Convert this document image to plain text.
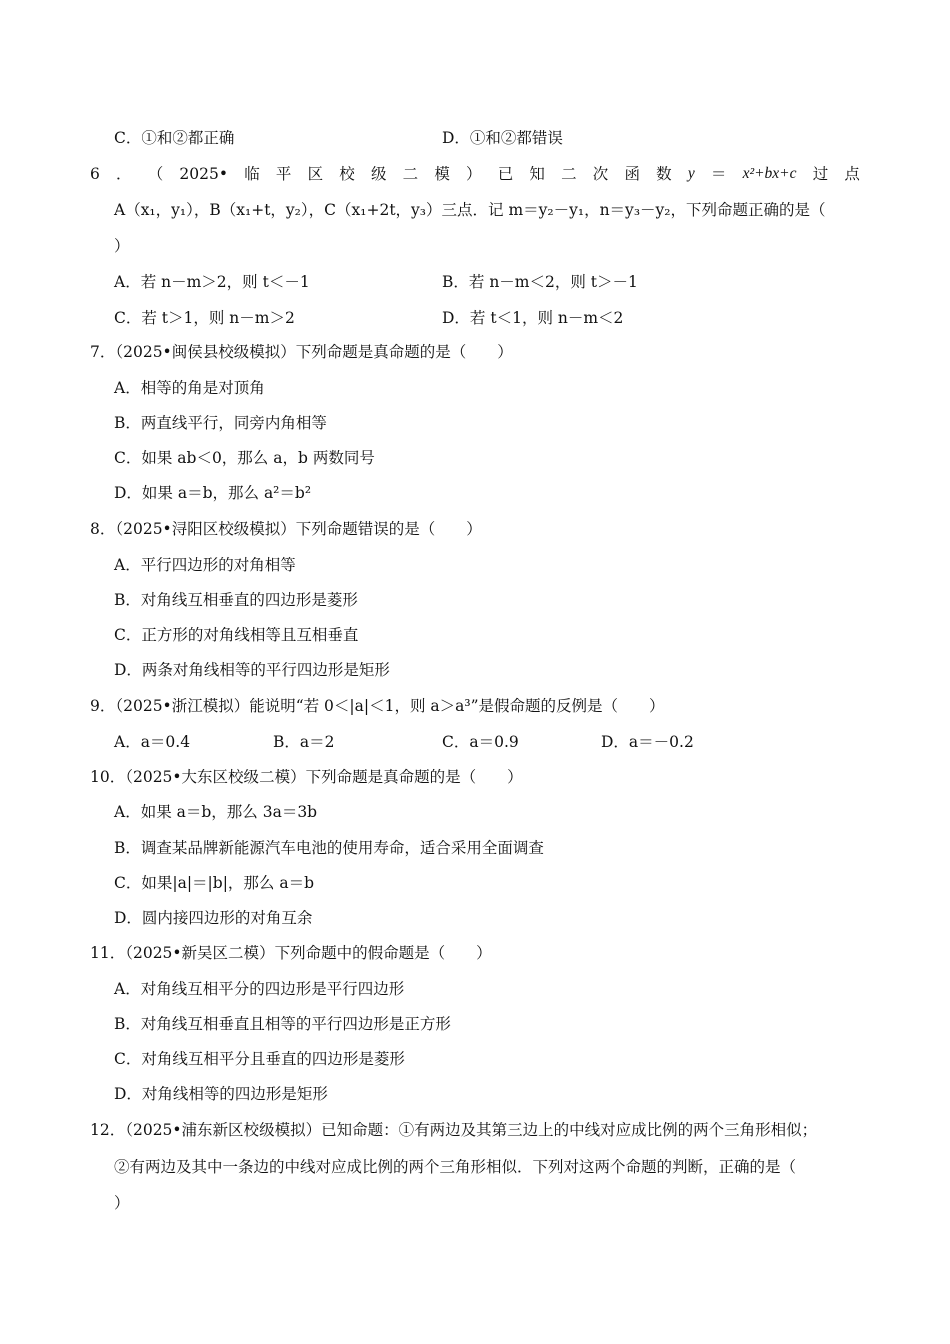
C．①和②都正确	D．①和②都错误
6 ． （ 2025• 临 平 区 校 级 二 模 ） 已 知 二 次 函 数 y ＝ x²+bx+c 过 点
A（x₁，y₁），B（x₁+t，y₂），C（x₁+2t，y₃）三点．记 m＝y₂－y₁，n＝y₃－y₂，下列命题正确的是（
）
A．若 n－m＞2，则 t＜－1	B．若 n－m＜2，则 t＞－1
C．若 t＞1，则 n－m＞2	D．若 t＜1，则 n－m＜2
7．（2025•闽侯县校级模拟）下列命题是真命题的是（　　）
A．相等的角是对顶角
B．两直线平行，同旁内角相等
C．如果 ab＜0，那么 a，b 两数同号
D．如果 a＝b，那么 a²＝b²
8．（2025•浔阳区校级模拟）下列命题错误的是（　　）
A．平行四边形的对角相等
B．对角线互相垂直的四边形是菱形
C．正方形的对角线相等且互相垂直
D．两条对角线相等的平行四边形是矩形
9．（2025•浙江模拟）能说明“若 0＜|a|＜1，则 a＞a³”是假命题的反例是（　　）
A．a＝0.4	B．a＝2	C．a＝0.9	D．a＝－0.2
10．（2025•大东区校级二模）下列命题是真命题的是（　　）
A．如果 a＝b，那么 3a＝3b
B．调查某品牌新能源汽车电池的使用寿命，适合采用全面调查
C．如果|a|＝|b|，那么 a＝b
D．圆内接四边形的对角互余
11．（2025•新吴区二模）下列命题中的假命题是（　　）
A．对角线互相平分的四边形是平行四边形
B．对角线互相垂直且相等的平行四边形是正方形
C．对角线互相平分且垂直的四边形是菱形
D．对角线相等的四边形是矩形
12．（2025•浦东新区校级模拟）已知命题：①有两边及其第三边上的中线对应成比例的两个三角形相似；
②有两边及其中一条边的中线对应成比例的两个三角形相似．下列对这两个命题的判断，正确的是（
）
